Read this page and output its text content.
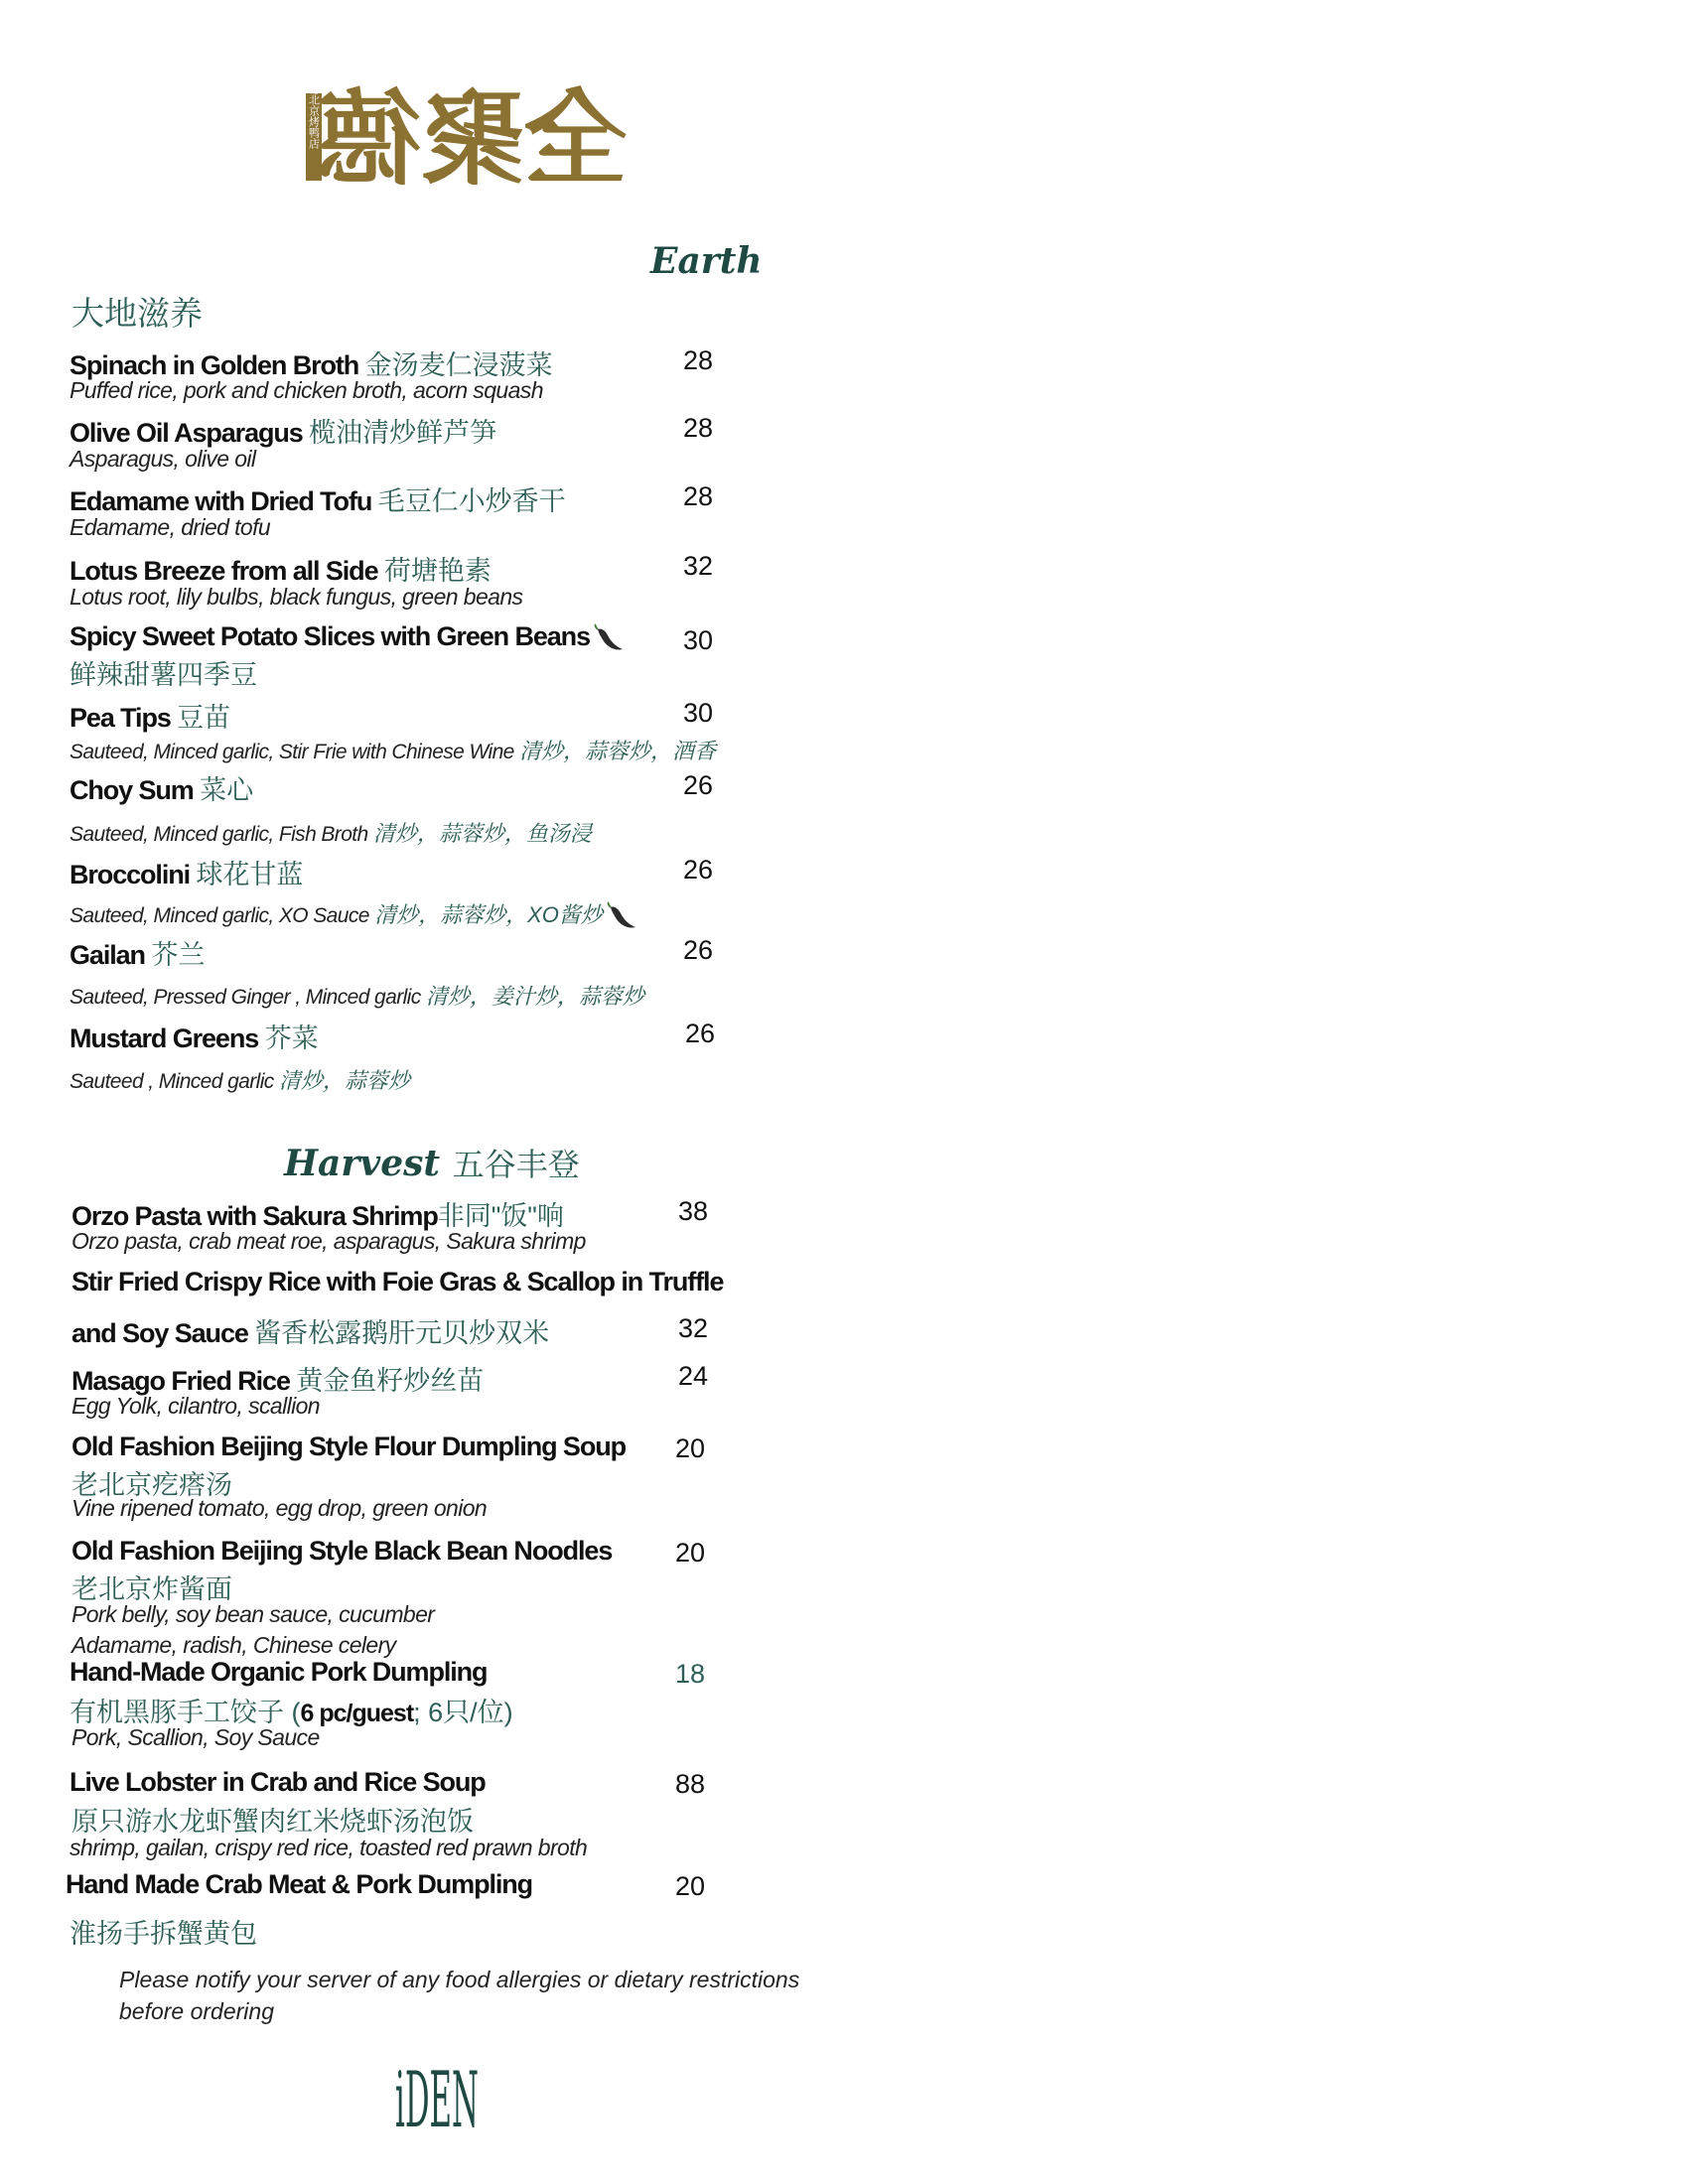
全聚德北京烤鸭店
全聚德
Earth
大地滋养
Spinach in Golden Broth 金汤麦仁浸菠菜	28
Puffed rice, pork and chicken broth, acorn squash
Olive Oil Asparagus 榄油清炒鲜芦笋	28
Asparagus, olive oil
Edamame with Dried Tofu 毛豆仁小炒香干	28
Edamame, dried tofu
Lotus Breeze from all Side 荷塘艳素	32
Lotus root, lily bulbs, black fungus, green beans
Spicy Sweet Potato Slices with Green Beans	30
鲜辣甜薯四季豆
Pea Tips 豆苗	30
Sauteed, Minced garlic, Stir Frie with Chinese Wine 清炒，蒜蓉炒，酒香
Choy Sum 菜心	26
Sauteed, Minced garlic, Fish Broth 清炒，蒜蓉炒，鱼汤浸
Broccolini 球花甘蓝	26
Sauteed, Minced garlic, XO Sauce 清炒，蒜蓉炒，XO酱炒
Gailan 芥兰	26
Sauteed, Pressed Ginger , Minced garlic 清炒，姜汁炒，蒜蓉炒
Mustard Greens 芥菜	26
Sauteed , Minced garlic 清炒，蒜蓉炒
Harvest 五谷丰登
Orzo Pasta with Sakura Shrimp非同"饭"响	38
Orzo pasta, crab meat roe, asparagus, Sakura shrimp
Stir Fried Crispy Rice with Foie Gras & Scallop in Truffle
and Soy Sauce 酱香松露鹅肝元贝炒双米	32
Masago Fried Rice 黄金鱼籽炒丝苗	24
Egg Yolk, cilantro, scallion
Old Fashion Beijing Style Flour Dumpling Soup 20
老北京疙瘩汤
Vine ripened tomato, egg drop, green onion
Old Fashion Beijing Style Black Bean Noodles 20
老北京炸酱面
Pork belly, soy bean sauce, cucumber
Adamame, radish, Chinese celery
Hand-Made Organic Pork Dumpling	18
有机黑豚手工饺子 (6 pc/guest; 6只/位)
Pork, Scallion, Soy Sauce
Live Lobster in Crab and Rice Soup	88
原只游水龙虾蟹肉红米烧虾汤泡饭
shrimp, gailan, crispy red rice, toasted red prawn broth
Hand Made Crab Meat & Pork Dumpling	20
淮扬手拆蟹黄包
Please notify your server of any food allergies or dietary restrictions
before ordering
iDEN
